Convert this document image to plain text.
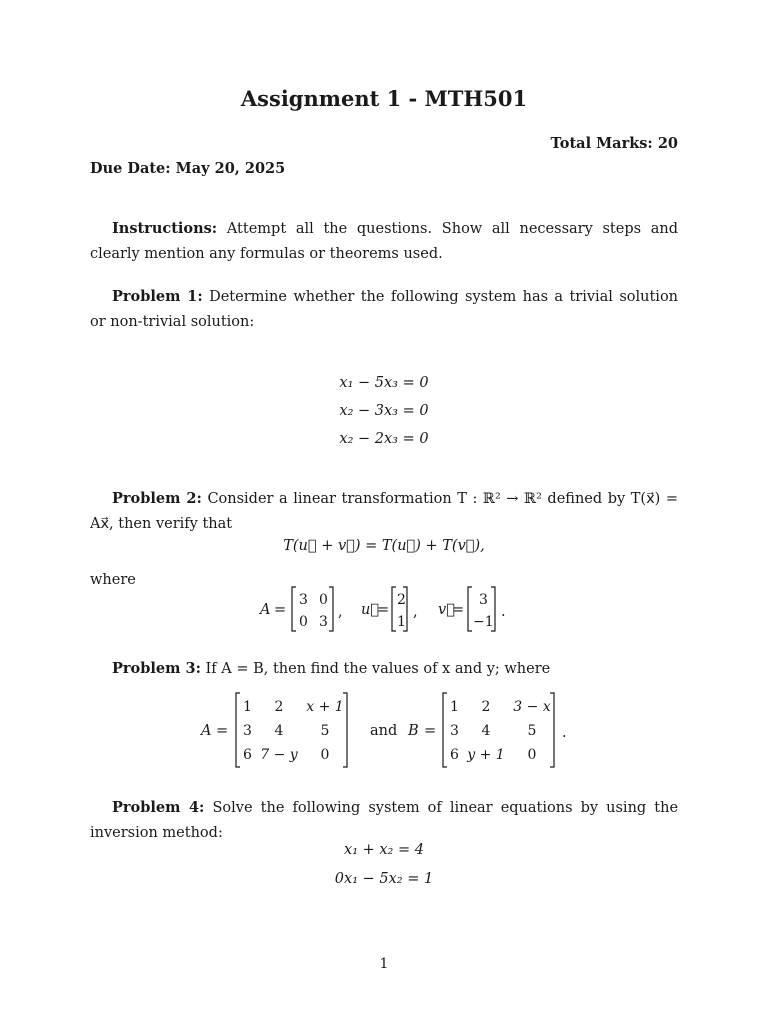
Assignment 1 - MTH501
Total Marks: 20
Due Date: May 20, 2025
Instructions: Attempt all the questions. Show all necessary steps and clearly mention any formulas or theorems used.
Problem 1: Determine whether the following system has a trivial solution or non-trivial solution:
x₁ − 5x₃ = 0
x₂ − 3x₃ = 0
x₂ − 2x₃ = 0
Problem 2: Consider a linear transformation T : ℝ² → ℝ² defined by T(x⃗) = Ax⃗, then verify that
T(u⃗ + v⃗) = T(u⃗) + T(v⃗),
where
A =
3 0
0 3
, u⃗
=
2
1
, v⃗
=
3
−1
.
Problem 3: If A = B, then find the values of x and y; where
A =
1 2 x + 1
3 4	5
6 7 − y 0
and B =
1 2 3 − x
3 4	5
6 y + 1 0
.
Problem 4: Solve the following system of linear equations by using the inversion method:
x₁ + x₂ = 4
0x₁ − 5x₂ = 1
1
